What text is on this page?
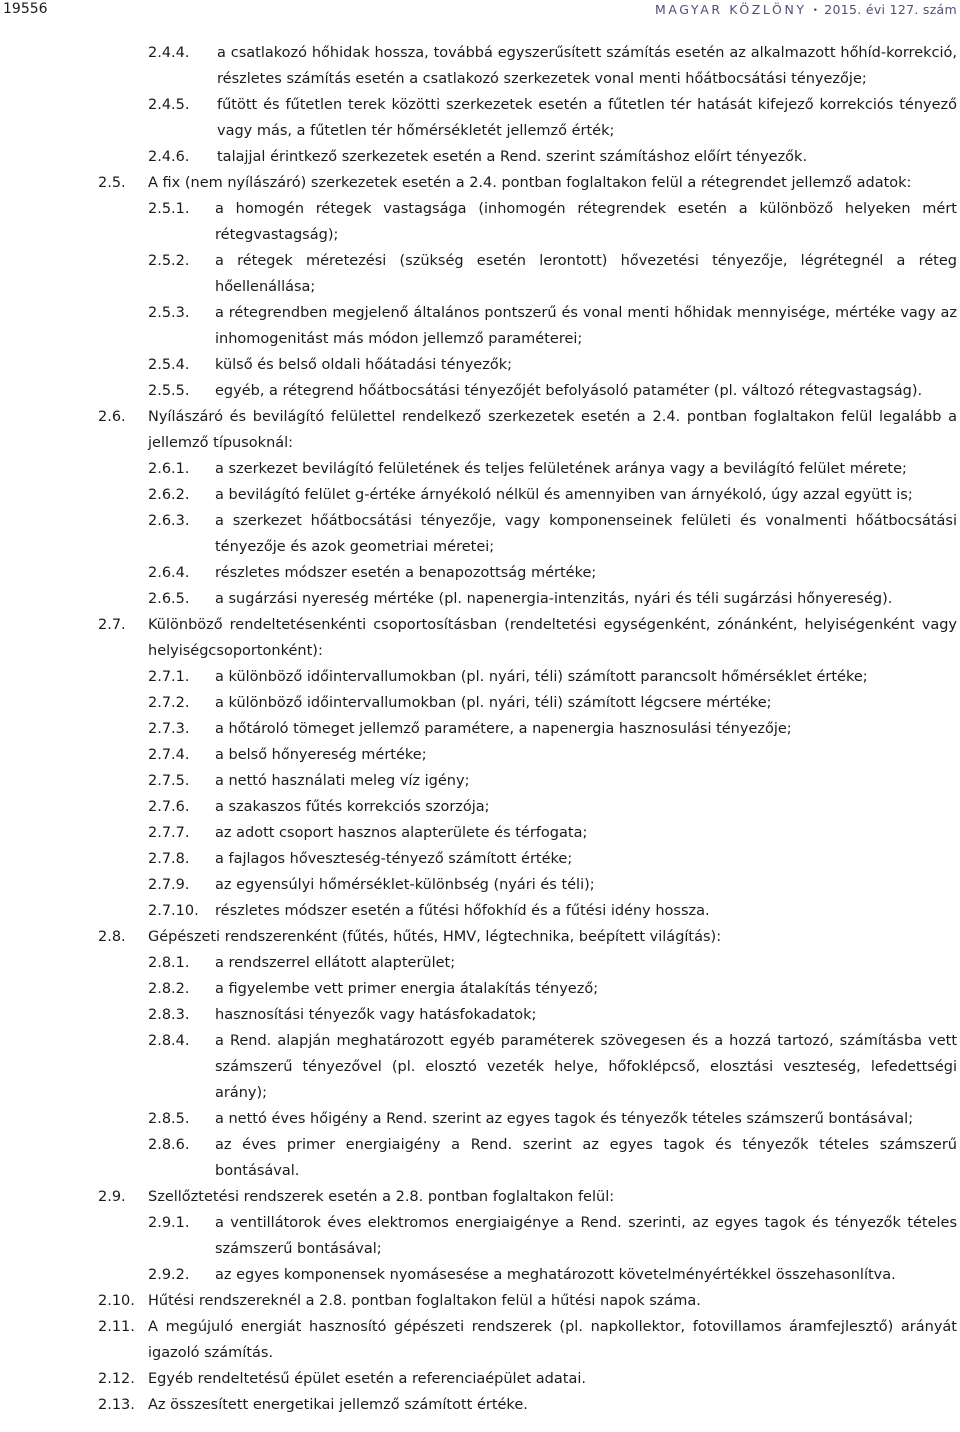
19556	MAGYAR KÖZLÖNY • 2015. évi 127. szám
2.4.4.	a csatlakozó hőhidak hossza, továbbá egyszerűsített számítás esetén az alkalmazott hőhíd-korrekció, részletes számítás esetén a csatlakozó szerkezetek vonal menti hőátbocsátási tényezője;
2.4.5.	fűtött és fűtetlen terek közötti szerkezetek esetén a fűtetlen tér hatását kifejező korrekciós tényező vagy más, a fűtetlen tér hőmérsékletét jellemző érték;
2.4.6.	talajjal érintkező szerkezetek esetén a Rend. szerint számításhoz előírt tényezők.
2.5.	A fix (nem nyílászáró) szerkezetek esetén a 2.4. pontban foglaltakon felül a rétegrendet jellemző adatok:
2.5.1.	a homogén rétegek vastagsága (inhomogén rétegrendek esetén a különböző helyeken mért rétegvastagság);
2.5.2.	a rétegek méretezési (szükség esetén lerontott) hővezetési tényezője, légrétegnél a réteg hőellenállása;
2.5.3.	a rétegrendben megjelenő általános pontszerű és vonal menti hőhidak mennyisége, mértéke vagy az inhomogenitást más módon jellemző paraméterei;
2.5.4.	külső és belső oldali hőátadási tényezők;
2.5.5.	egyéb, a rétegrend hőátbocsátási tényezőjét befolyásoló pataméter (pl. változó rétegvastagság).
2.6.	Nyílászáró és bevilágító felülettel rendelkező szerkezetek esetén a 2.4. pontban foglaltakon felül legalább a jellemző típusoknál:
2.6.1.	a szerkezet bevilágító felületének és teljes felületének aránya vagy a bevilágító felület mérete;
2.6.2.	a bevilágító felület g-értéke árnyékoló nélkül és amennyiben van árnyékoló, úgy azzal együtt is;
2.6.3.	a szerkezet hőátbocsátási tényezője, vagy komponenseinek felületi és vonalmenti hőátbocsátási tényezője és azok geometriai méretei;
2.6.4.	részletes módszer esetén a benapozottság mértéke;
2.6.5.	a sugárzási nyereség mértéke (pl. napenergia-intenzitás, nyári és téli sugárzási hőnyereség).
2.7.	Különböző rendeltetésenkénti csoportosításban (rendeltetési egységenként, zónánként, helyiségenként vagy helyiségcsoportonként):
2.7.1.	a különböző időintervallumokban (pl. nyári, téli) számított parancsolt hőmérséklet értéke;
2.7.2.	a különböző időintervallumokban (pl. nyári, téli) számított légcsere mértéke;
2.7.3.	a hőtároló tömeget jellemző paramétere, a napenergia hasznosulási tényezője;
2.7.4.	a belső hőnyereség mértéke;
2.7.5.	a nettó használati meleg víz igény;
2.7.6.	a szakaszos fűtés korrekciós szorzója;
2.7.7.	az adott csoport hasznos alapterülete és térfogata;
2.7.8.	a fajlagos hőveszteség-tényező számított értéke;
2.7.9.	az egyensúlyi hőmérséklet-különbség (nyári és téli);
2.7.10.	részletes módszer esetén a fűtési hőfokhíd és a fűtési idény hossza.
2.8.	Gépészeti rendszerenként (fűtés, hűtés, HMV, légtechnika, beépített világítás):
2.8.1.	a rendszerrel ellátott alapterület;
2.8.2.	a figyelembe vett primer energia átalakítás tényező;
2.8.3.	hasznosítási tényezők vagy hatásfokadatok;
2.8.4.	a Rend. alapján meghatározott egyéb paraméterek szövegesen és a hozzá tartozó, számításba vett számszerű tényezővel (pl. elosztó vezeték helye, hőfoklépcső, elosztási veszteség, lefedettségi arány);
2.8.5.	a nettó éves hőigény a Rend. szerint az egyes tagok és tényezők tételes számszerű bontásával;
2.8.6.	az éves primer energiaigény a Rend. szerint az egyes tagok és tényezők tételes számszerű bontásával.
2.9.	Szellőztetési rendszerek esetén a 2.8. pontban foglaltakon felül:
2.9.1.	a ventillátorok éves elektromos energiaigénye a Rend. szerinti, az egyes tagok és tényezők tételes számszerű bontásával;
2.9.2.	az egyes komponensek nyomásesése a meghatározott követelményértékkel összehasonlítva.
2.10. Hűtési rendszereknél a 2.8. pontban foglaltakon felül a hűtési napok száma.
2.11. A megújuló energiát hasznosító gépészeti rendszerek (pl. napkollektor, fotovillamos áramfejlesztő) arányát igazoló számítás.
2.12. Egyéb rendeltetésű épület esetén a referenciaépület adatai.
2.13. Az összesített energetikai jellemző számított értéke.
